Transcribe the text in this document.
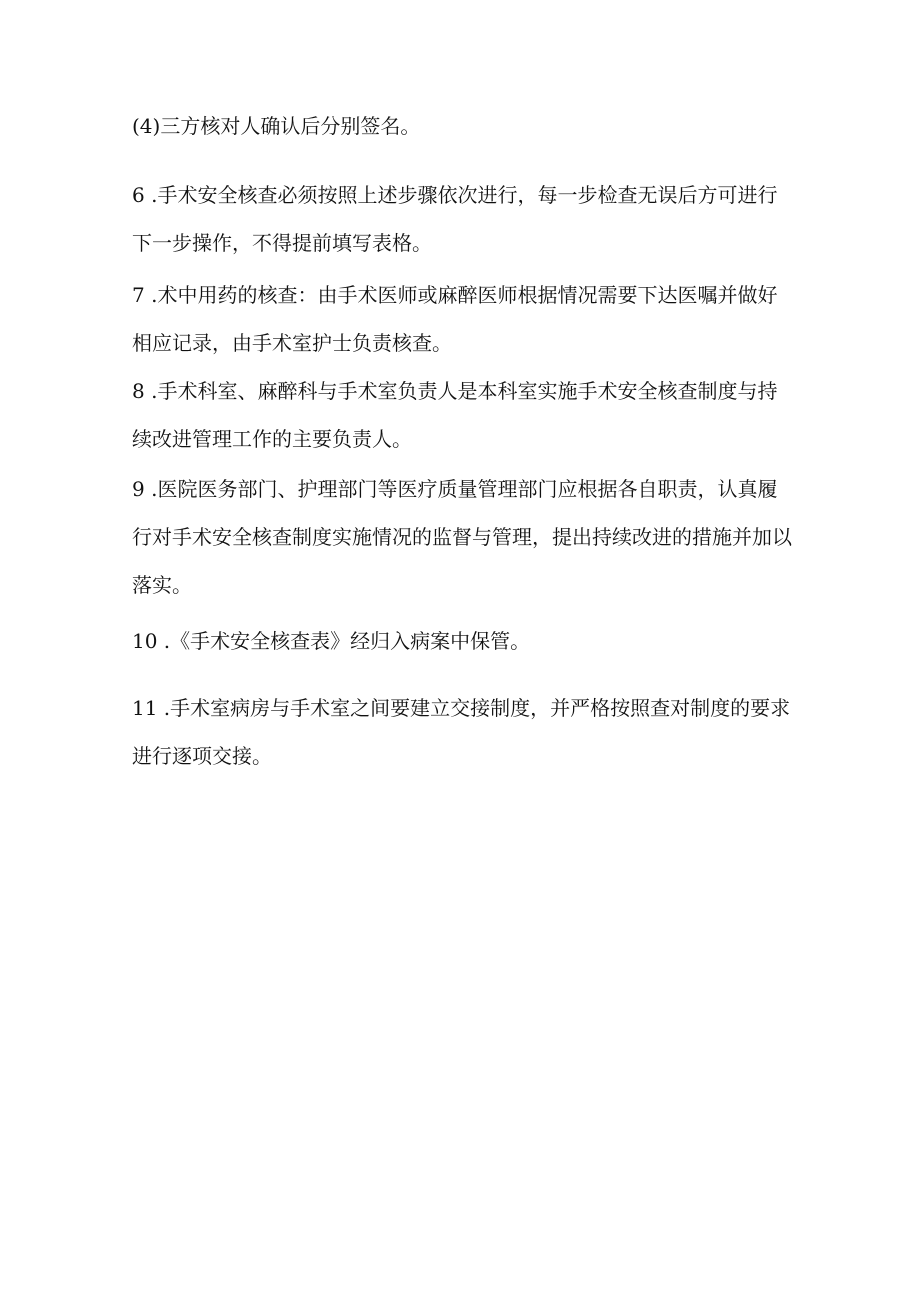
(4)三方核对人确认后分别签名。

6 .手术安全核查必须按照上述步骤依次进行，每一步检查无误后方可进行
下一步操作，不得提前填写表格。

7 .术中用药的核查：由手术医师或麻醉医师根据情况需要下达医嘱并做好
相应记录，由手术室护士负责核查。

8 .手术科室、麻醉科与手术室负责人是本科室实施手术安全核查制度与持
续改进管理工作的主要负责人。

9 .医院医务部门、护理部门等医疗质量管理部门应根据各自职责，认真履
行对手术安全核查制度实施情况的监督与管理，提出持续改进的措施并加以
落实。

10 .《手术安全核查表》经归入病案中保管。

11 .手术室病房与手术室之间要建立交接制度，并严格按照查对制度的要求
进行逐项交接。
